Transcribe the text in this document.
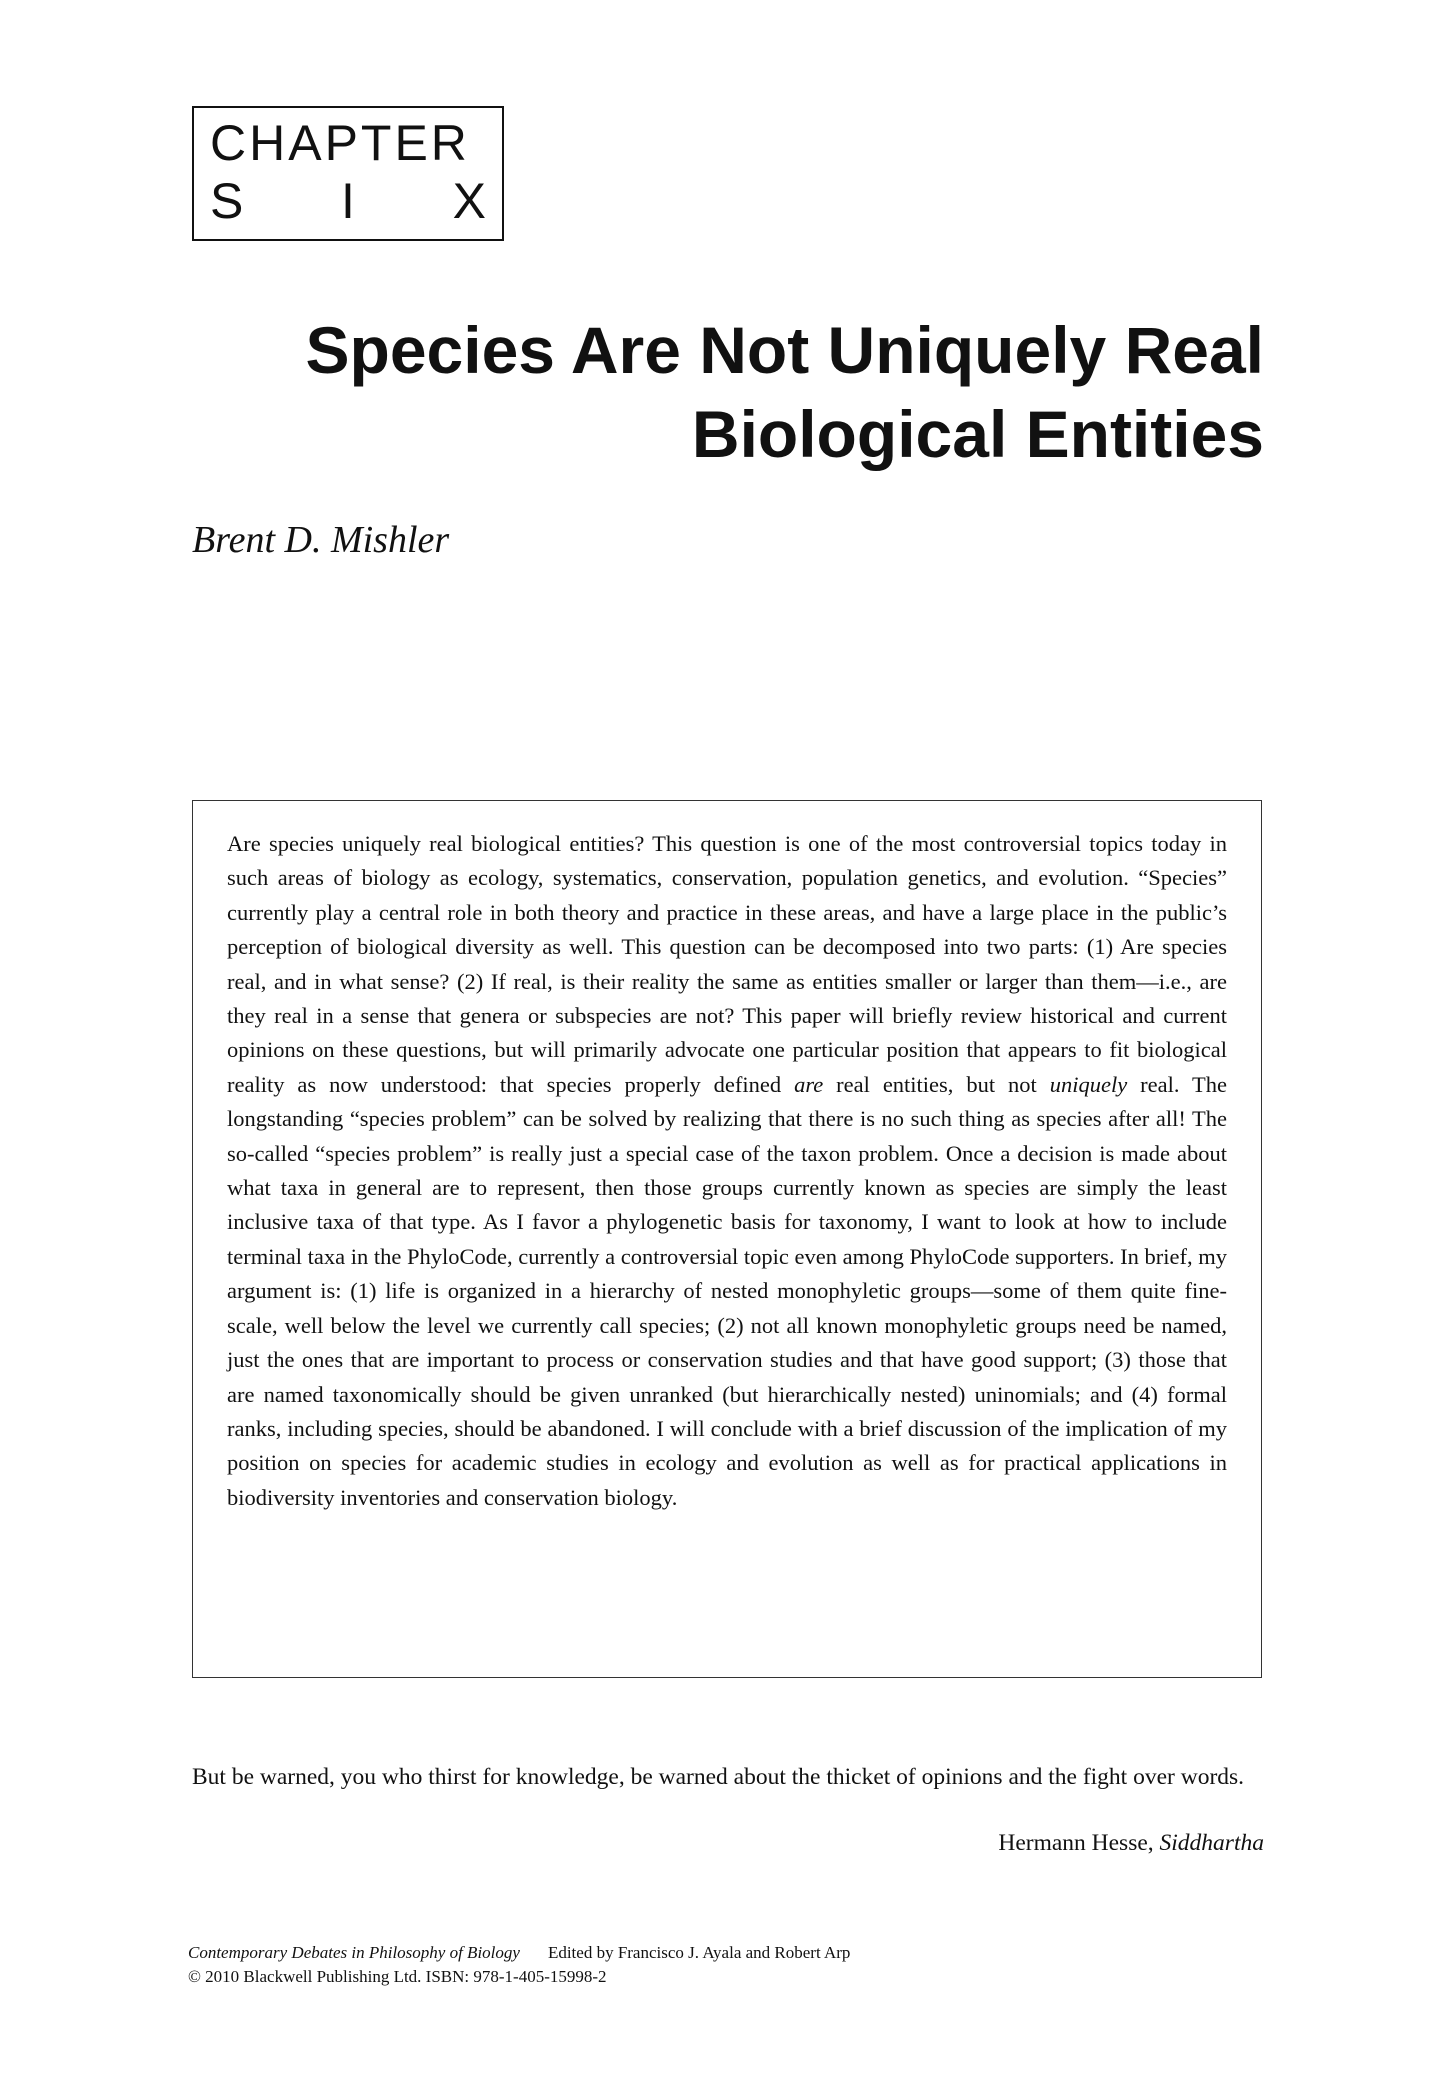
CHAPTER
S I X
Species Are Not Uniquely Real
Biological Entities

Brent D. Mishler

Are species uniquely real biological entities? This question is one of the most controversial topics today in such areas of biology as ecology, systematics, conservation, population genetics, and evolution. “Species” currently play a central role in both theory and practice in these areas, and have a large place in the public’s perception of biological diversity as well. This question can be decomposed into two parts: (1) Are species real, and in what sense? (2) If real, is their reality the same as entities smaller or larger than them—i.e., are they real in a sense that genera or subspecies are not? This paper will briefly review historical and current opinions on these questions, but will primarily advocate one particular position that appears to fit biological reality as now understood: that species properly defined are real entities, but not uniquely real. The longstanding “species problem” can be solved by realizing that there is no such thing as species after all! The so-called “species problem” is really just a special case of the taxon problem. Once a decision is made about what taxa in general are to represent, then those groups currently known as species are simply the least inclusive taxa of that type. As I favor a phylogenetic basis for taxonomy, I want to look at how to include terminal taxa in the PhyloCode, currently a controversial topic even among PhyloCode supporters. In brief, my argument is: (1) life is organized in a hierarchy of nested monophyletic groups—some of them quite fine-scale, well below the level we currently call species; (2) not all known monophyletic groups need be named, just the ones that are important to process or conservation studies and that have good support; (3) those that are named taxonomically should be given unranked (but hierarchically nested) uninomials; and (4) formal ranks, including species, should be abandoned. I will conclude with a brief discussion of the implication of my position on species for academic studies in ecology and evolution as well as for practical applications in biodiversity inventories and conservation biology.

But be warned, you who thirst for knowledge, be warned about the thicket of opinions and the fight over words.

Hermann Hesse, Siddhartha

Contemporary Debates in Philosophy of Biology Edited by Francisco J. Ayala and Robert Arp
© 2010 Blackwell Publishing Ltd. ISBN: 978-1-405-15998-2
